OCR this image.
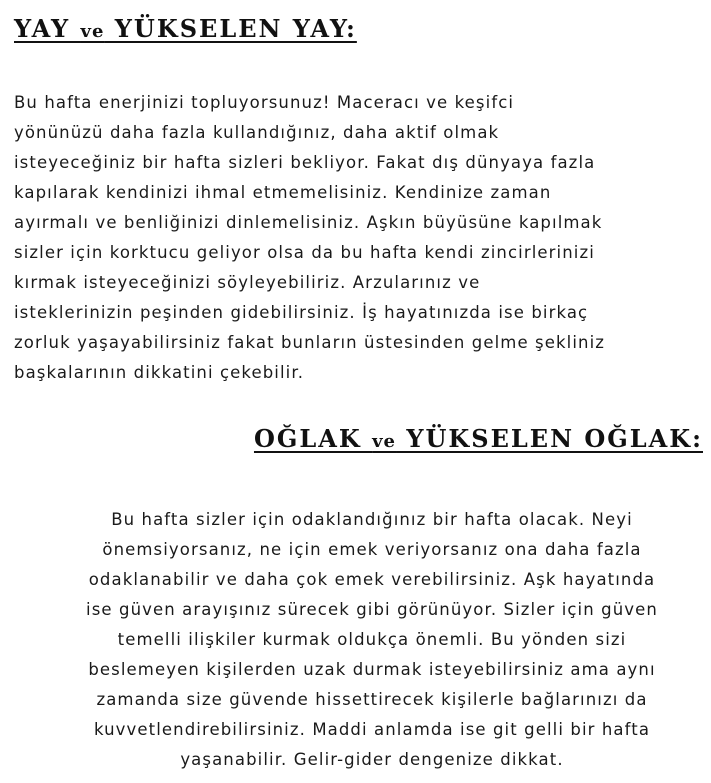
YAY ve YÜKSELEN YAY:
Bu hafta enerjinizi topluyorsunuz! Maceracı ve keşifci
yönünüzü daha fazla kullandığınız, daha aktif olmak
isteyeceğiniz bir hafta sizleri bekliyor. Fakat dış dünyaya fazla
kapılarak kendinizi ihmal etmemelisiniz. Kendinize zaman
ayırmalı ve benliğinizi dinlemelisiniz. Aşkın büyüsüne kapılmak
sizler için korktucu geliyor olsa da bu hafta kendi zincirlerinizi
kırmak isteyeceğinizi söyleyebiliriz. Arzularınız ve
isteklerinizin peşinden gidebilirsiniz. İş hayatınızda ise birkaç
zorluk yaşayabilirsiniz fakat bunların üstesinden gelme şekliniz
başkalarının dikkatini çekebilir.
OĞLAK ve YÜKSELEN OĞLAK:
Bu hafta sizler için odaklandığınız bir hafta olacak. Neyi
önemsiyorsanız, ne için emek veriyorsanız ona daha fazla
odaklanabilir ve daha çok emek verebilirsiniz. Aşk hayatında
ise güven arayışınız sürecek gibi görünüyor. Sizler için güven
temelli ilişkiler kurmak oldukça önemli. Bu yönden sizi
beslemeyen kişilerden uzak durmak isteyebilirsiniz ama aynı
zamanda size güvende hissettirecek kişilerle bağlarınızı da
kuvvetlendirebilirsiniz. Maddi anlamda ise git gelli bir hafta
yaşanabilir. Gelir-gider dengenize dikkat.
